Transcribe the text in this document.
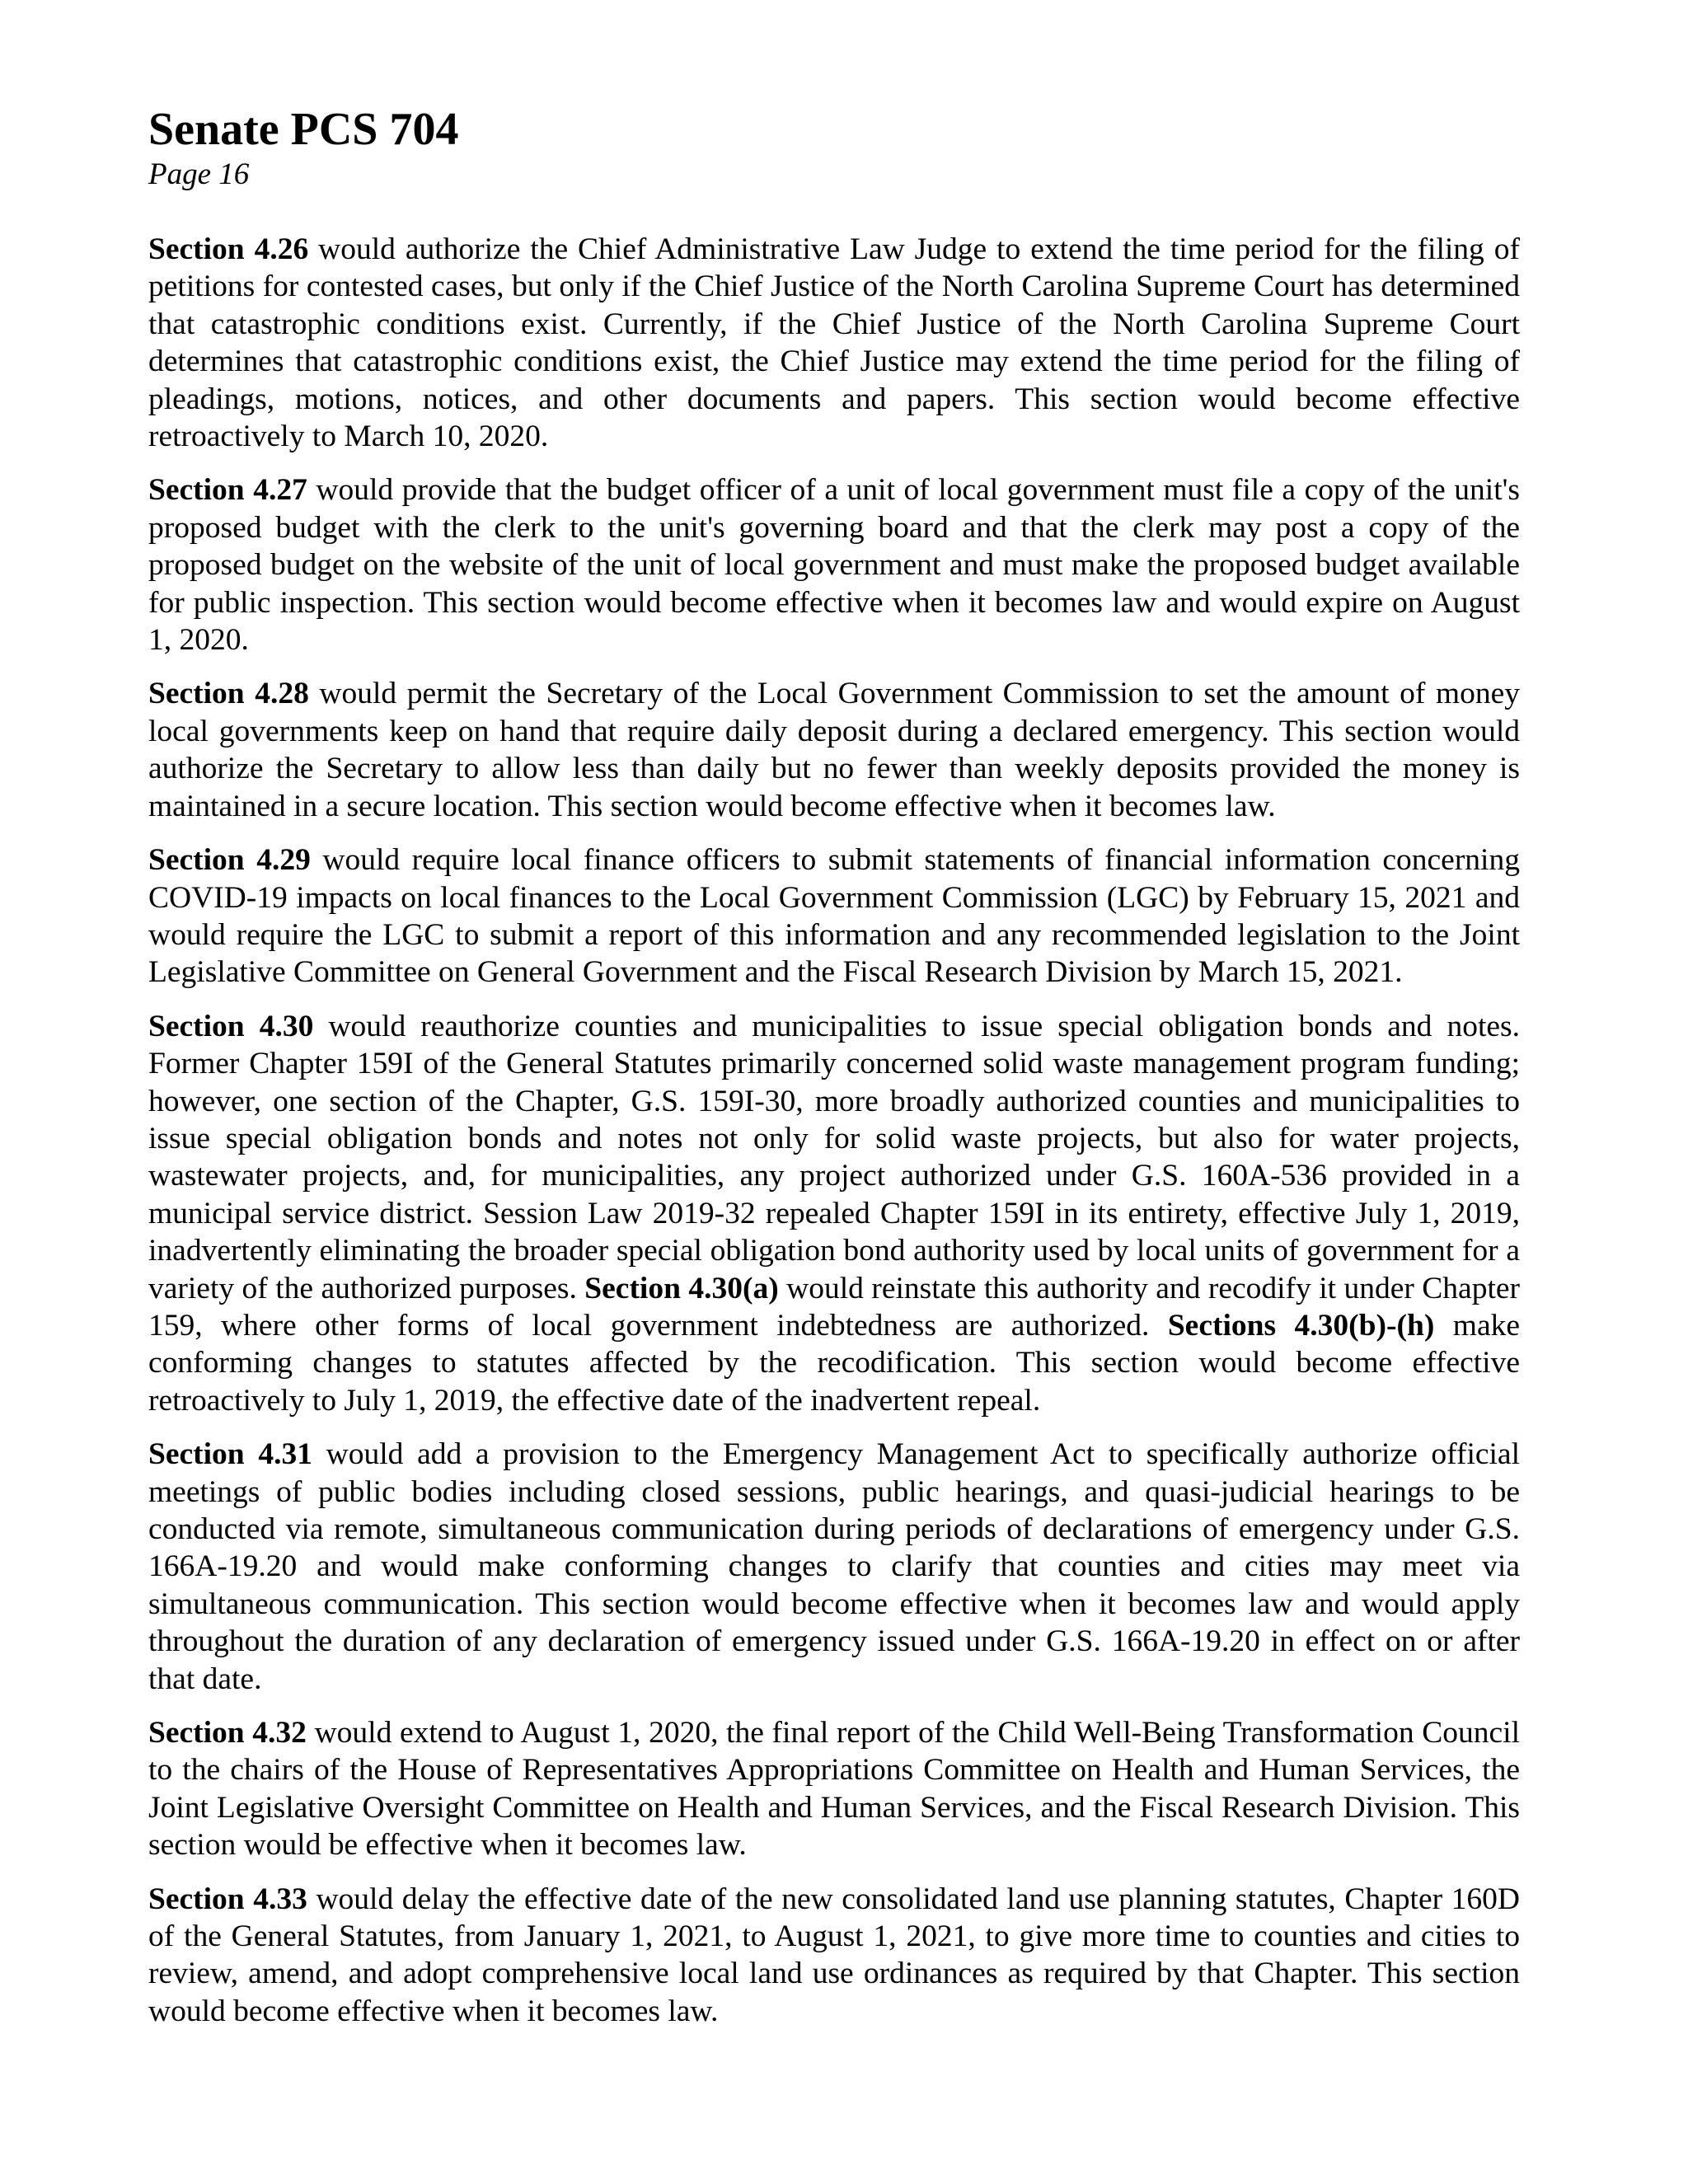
Senate PCS 704
Page 16

Section 4.26 would authorize the Chief Administrative Law Judge to extend the time period for the filing of petitions for contested cases, but only if the Chief Justice of the North Carolina Supreme Court has determined that catastrophic conditions exist. Currently, if the Chief Justice of the North Carolina Supreme Court determines that catastrophic conditions exist, the Chief Justice may extend the time period for the filing of pleadings, motions, notices, and other documents and papers. This section would become effective retroactively to March 10, 2020.

Section 4.27 would provide that the budget officer of a unit of local government must file a copy of the unit's proposed budget with the clerk to the unit's governing board and that the clerk may post a copy of the proposed budget on the website of the unit of local government and must make the proposed budget available for public inspection. This section would become effective when it becomes law and would expire on August 1, 2020.

Section 4.28 would permit the Secretary of the Local Government Commission to set the amount of money local governments keep on hand that require daily deposit during a declared emergency. This section would authorize the Secretary to allow less than daily but no fewer than weekly deposits provided the money is maintained in a secure location. This section would become effective when it becomes law.

Section 4.29 would require local finance officers to submit statements of financial information concerning COVID-19 impacts on local finances to the Local Government Commission (LGC) by February 15, 2021 and would require the LGC to submit a report of this information and any recommended legislation to the Joint Legislative Committee on General Government and the Fiscal Research Division by March 15, 2021.

Section 4.30 would reauthorize counties and municipalities to issue special obligation bonds and notes. Former Chapter 159I of the General Statutes primarily concerned solid waste management program funding; however, one section of the Chapter, G.S. 159I-30, more broadly authorized counties and municipalities to issue special obligation bonds and notes not only for solid waste projects, but also for water projects, wastewater projects, and, for municipalities, any project authorized under G.S. 160A-536 provided in a municipal service district. Session Law 2019-32 repealed Chapter 159I in its entirety, effective July 1, 2019, inadvertently eliminating the broader special obligation bond authority used by local units of government for a variety of the authorized purposes. Section 4.30(a) would reinstate this authority and recodify it under Chapter 159, where other forms of local government indebtedness are authorized. Sections 4.30(b)-(h) make conforming changes to statutes affected by the recodification. This section would become effective retroactively to July 1, 2019, the effective date of the inadvertent repeal.

Section 4.31 would add a provision to the Emergency Management Act to specifically authorize official meetings of public bodies including closed sessions, public hearings, and quasi-judicial hearings to be conducted via remote, simultaneous communication during periods of declarations of emergency under G.S. 166A-19.20 and would make conforming changes to clarify that counties and cities may meet via simultaneous communication. This section would become effective when it becomes law and would apply throughout the duration of any declaration of emergency issued under G.S. 166A-19.20 in effect on or after that date.

Section 4.32 would extend to August 1, 2020, the final report of the Child Well-Being Transformation Council to the chairs of the House of Representatives Appropriations Committee on Health and Human Services, the Joint Legislative Oversight Committee on Health and Human Services, and the Fiscal Research Division. This section would be effective when it becomes law.

Section 4.33 would delay the effective date of the new consolidated land use planning statutes, Chapter 160D of the General Statutes, from January 1, 2021, to August 1, 2021, to give more time to counties and cities to review, amend, and adopt comprehensive local land use ordinances as required by that Chapter. This section would become effective when it becomes law.
